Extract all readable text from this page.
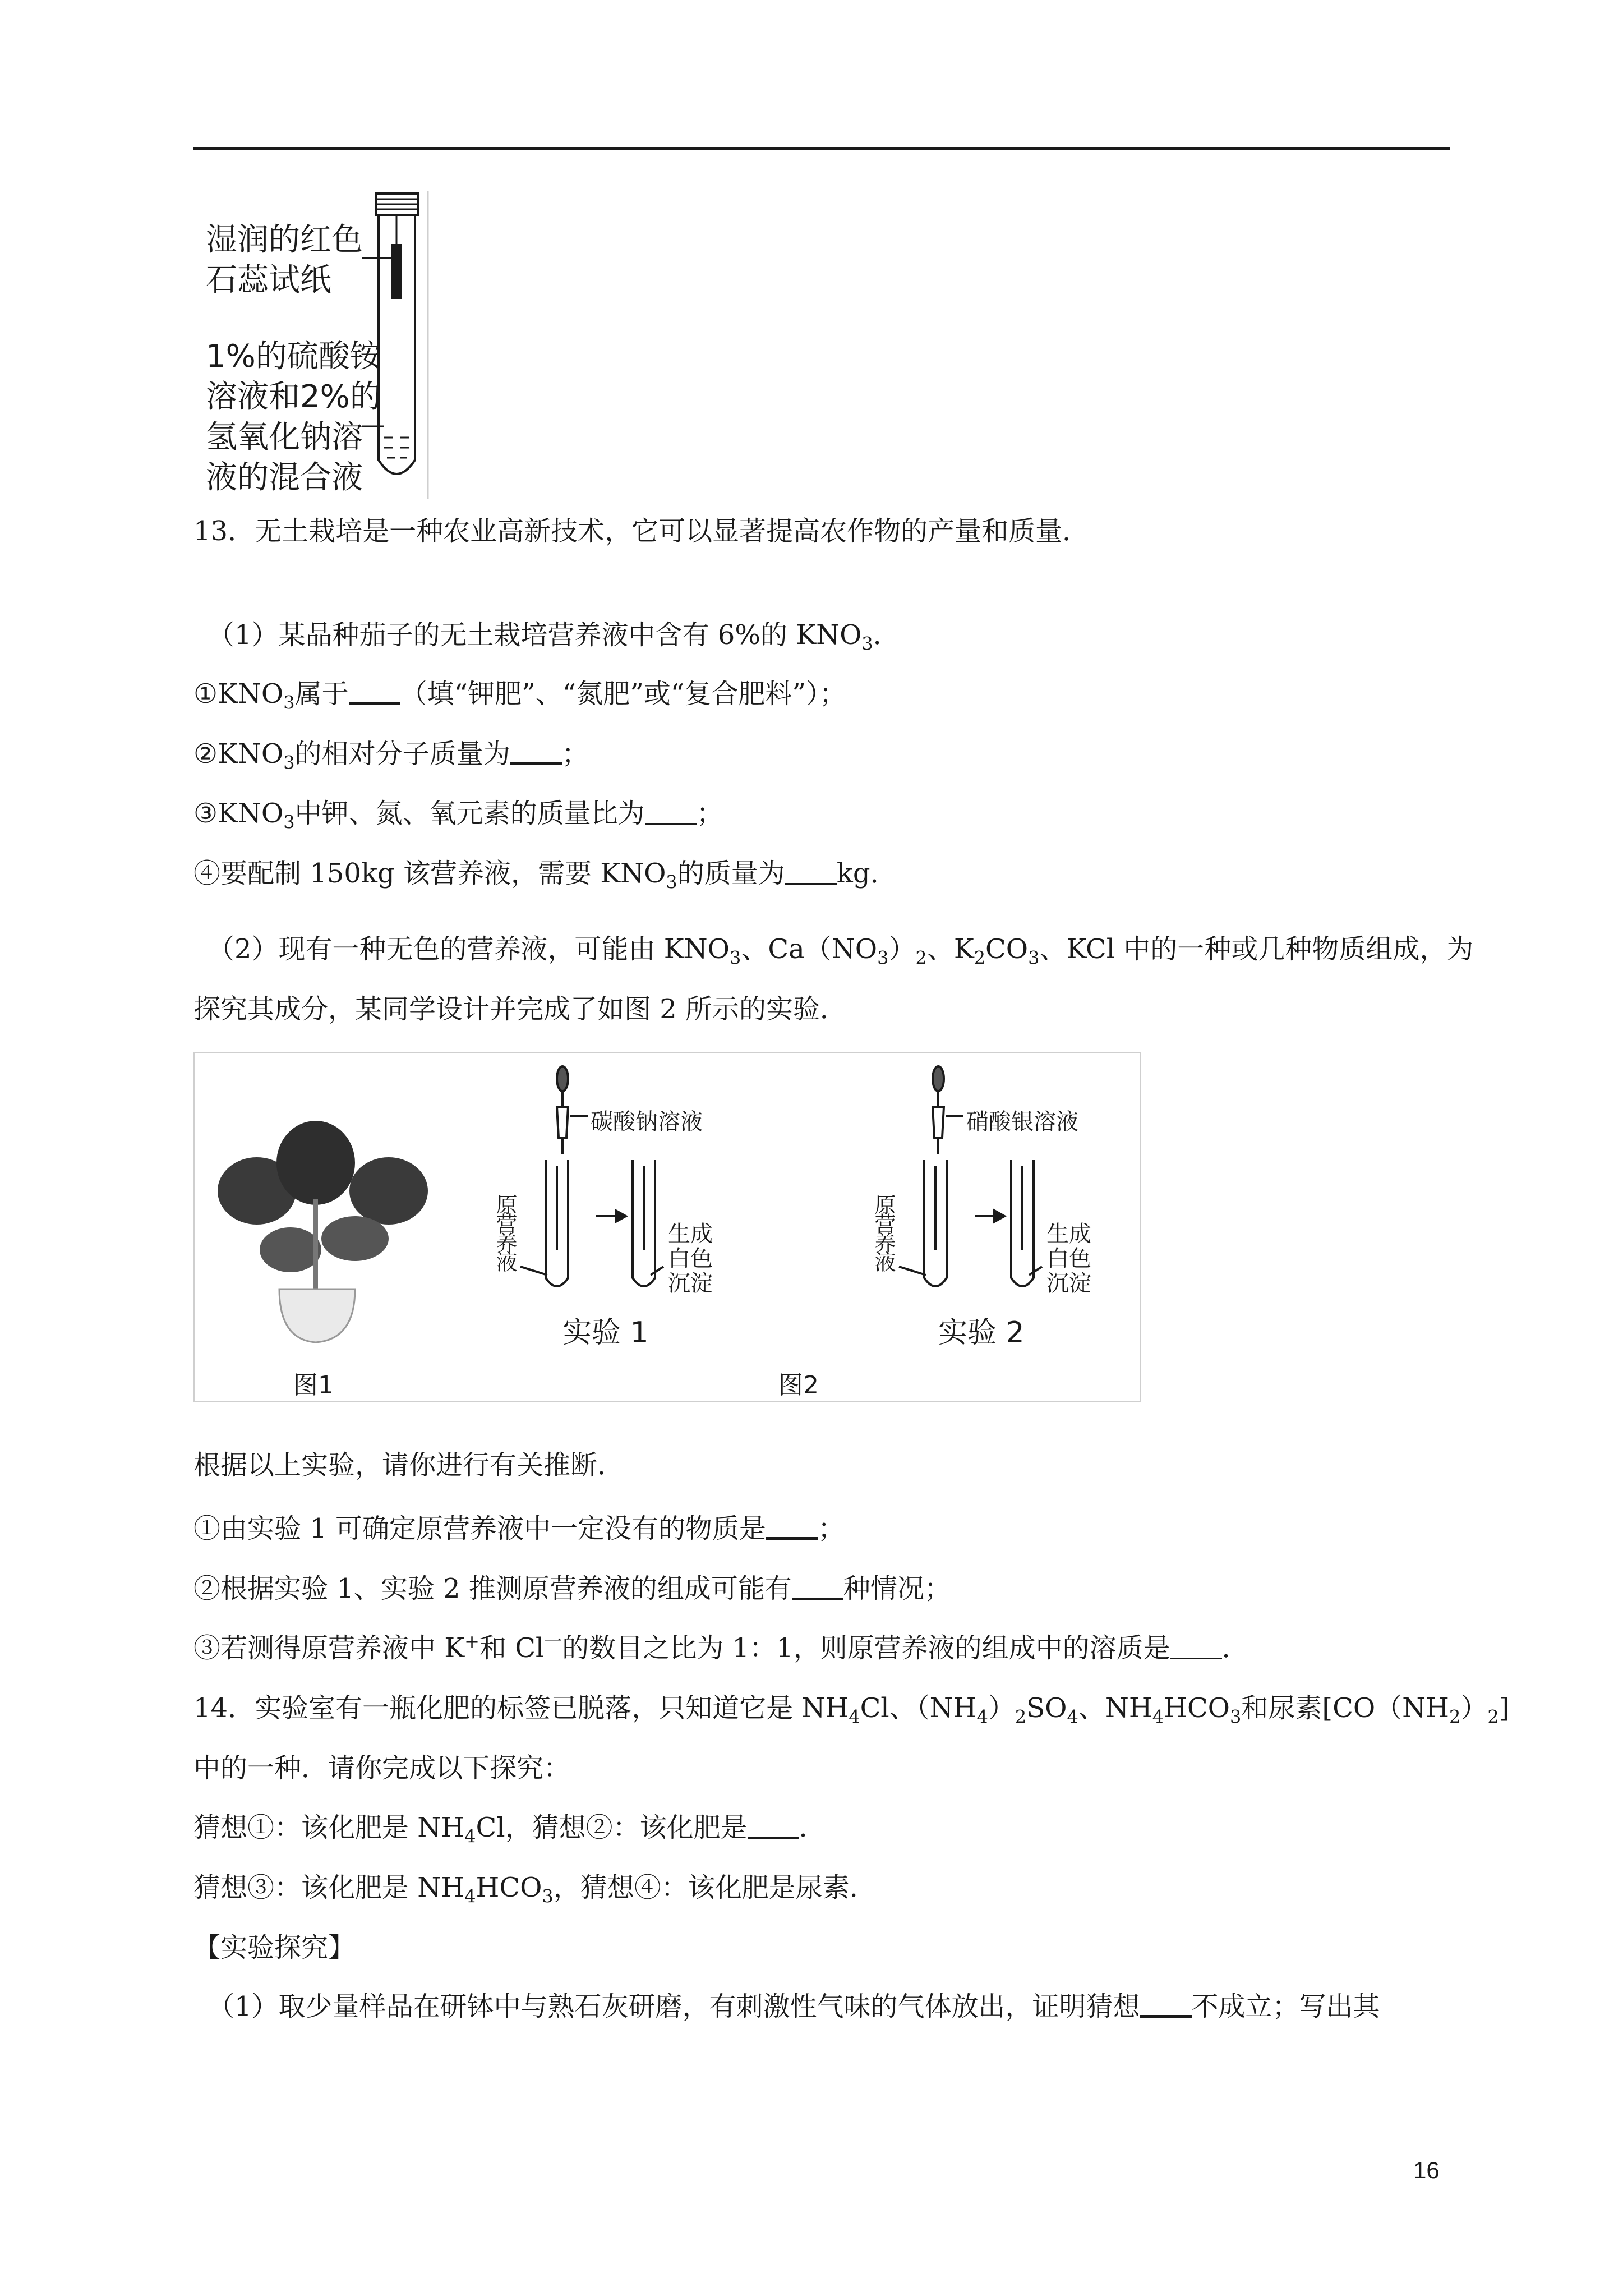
湿润的红色
石蕊试纸
1%的硫酸铵
溶液和2%的
氢氧化钠溶
液的混合液
13．无土栽培是一种农业高新技术，它可以显著提高农作物的产量和质量．
（1）某品种茄子的无土栽培营养液中含有 6%的 $KNO_3$．
$①KNO_3$属于 （填“钾肥”、“氮肥”或“复合肥料”）；
$②KNO_3$的相对分子质量为 ；
$③KNO_3$中钾、氮、氧元素的质量比为 ；
④要配制 150kg 该营养液，需要 $KNO_3$的质量为 kg．
（2）现有一种无色的营养液，可能由 $KNO_3$、$Ca(NO_3)_2$、$K_2CO_3$、KCl 中的一种或几种物质组成，为
探究其成分，某同学设计并完成了如图 2 所示的实验．
碳酸钠溶液	硝酸银溶液
原营养液	原营养液
生成
白色
沉淀
生成
白色
沉淀
实验 1	实验 2
图1	图2
根据以上实验，请你进行有关推断．
①由实验 1 可确定原营养液中一定没有的物质是 ；
②根据实验 1、实验 2 推测原营养液的组成可能有 种情况；
③若测得原营养液中 K+和 $Cl^一$的数目之比为 1：1，则原营养液的组成中的溶质是 ．
14．实验室有一瓶化肥的标签已脱落，只知道它是 $NH_4Cl$、$(NH_4)_2SO_4$、$NH_4HCO_3$和尿素$[CO(NH_2)_2]$
中的一种．请你完成以下探究：
猜想①：该化肥是 $NH_4Cl$，猜想②：该化肥是 ．
猜想③：该化肥是 $NH_4HCO_3$，猜想④：该化肥是尿素．
【实验探究】
（1）取少量样品在研钵中与熟石灰研磨，有刺激性气味的气体放出，证明猜想 不成立；写出其
16
